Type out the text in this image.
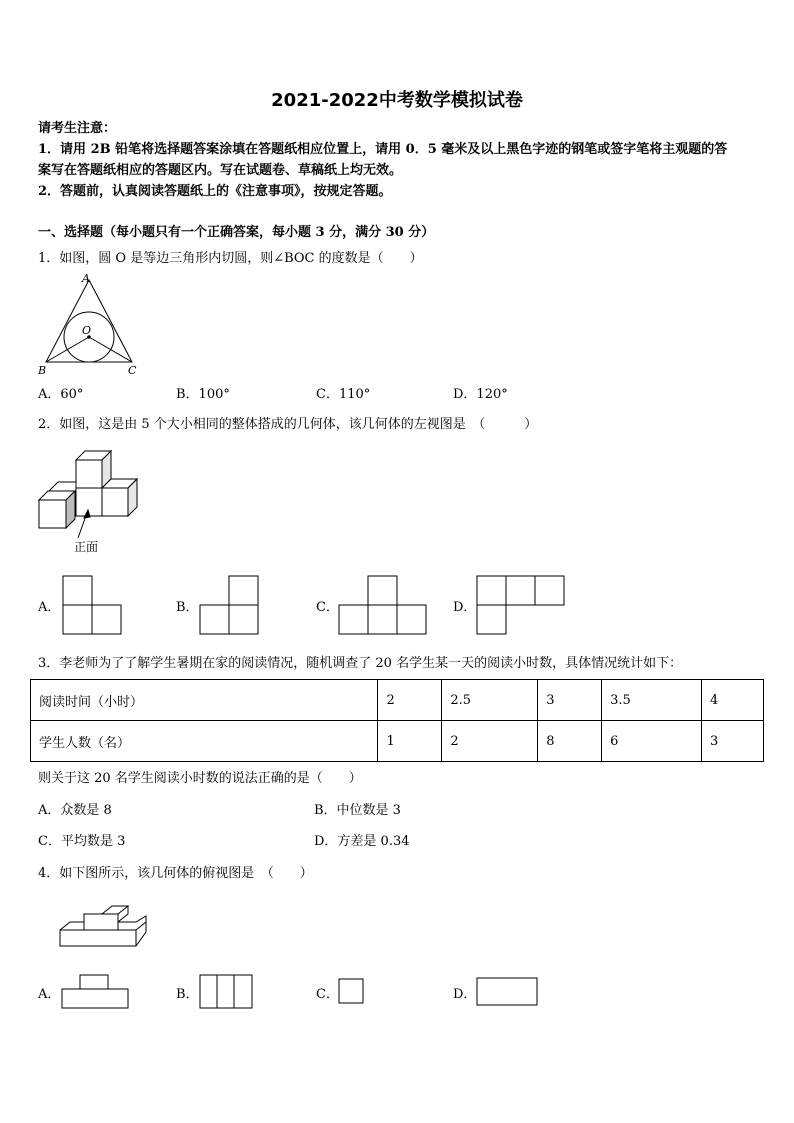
2021-2022中考数学模拟试卷
请考生注意：
1．请用 2B 铅笔将选择题答案涂填在答题纸相应位置上，请用 0．5 毫米及以上黑色字迹的钢笔或签字笔将主观题的答
案写在答题纸相应的答题区内。写在试题卷、草稿纸上均无效。
2．答题前，认真阅读答题纸上的《注意事项》，按规定答题。
一、选择题（每小题只有一个正确答案，每小题 3 分，满分 30 分）
1．如图，圆 O 是等边三角形内切圆，则∠BOC 的度数是（　　）
A
B	C
O
A．60°	B．100°	C．110°	D．120°
2．如图，这是由 5 个大小相同的整体搭成的几何体，该几何体的左视图是　（　　　）
正面
A．	B．	C．	D．
3．李老师为了了解学生暑期在家的阅读情况，随机调查了 20 名学生某一天的阅读小时数，具体情况统计如下：
阅读时间（小时）	2	2.5	3	3.5	4
学生人数（名）	1	2	8	6	3
则关于这 20 名学生阅读小时数的说法正确的是（　　）
A．众数是 8	B．中位数是 3
C．平均数是 3	D．方差是 0.34
4．如下图所示，该几何体的俯视图是　（　　）
A．	B．	C．	D．
